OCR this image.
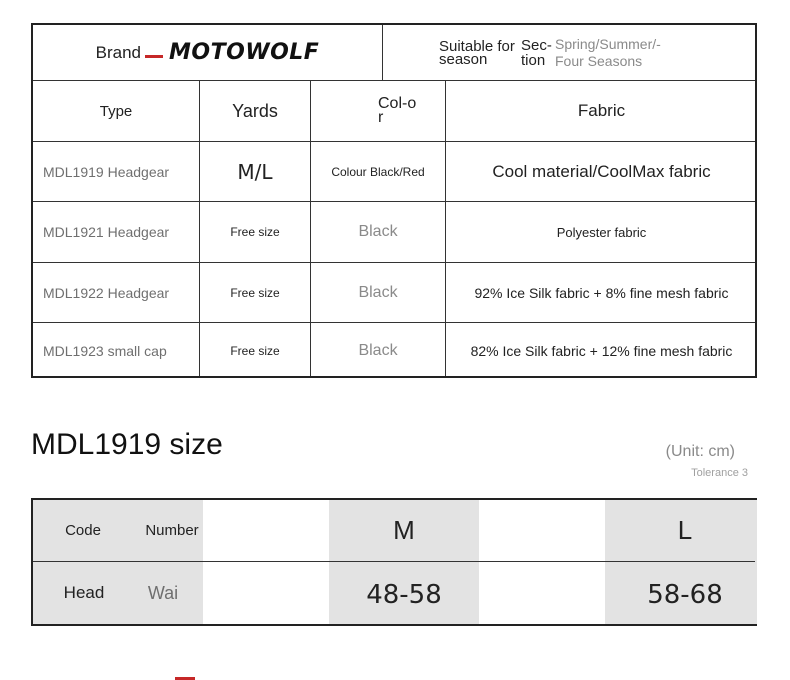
Brand MOTOWOLF	Suitable for season
Sec-tion
Spring/Summer/-Four Seasons
Type	Yards	Col-or	Fabric
MDL1919 Headgear	M/L	Colour Black/Red	Cool material/CoolMax fabric
MDL1921 Headgear	Free size	Black	Polyester fabric
MDL1922 Headgear	Free size	Black	92% Ice Silk fabric + 8% fine mesh fabric
MDL1923 small cap	Free size	Black	82% Ice Silk fabric + 12% fine mesh fabric
MDL1919 size	(Unit: cm)
Tolerance 3
Code	Number	M	L
Head	Wai	48-58	58-68
